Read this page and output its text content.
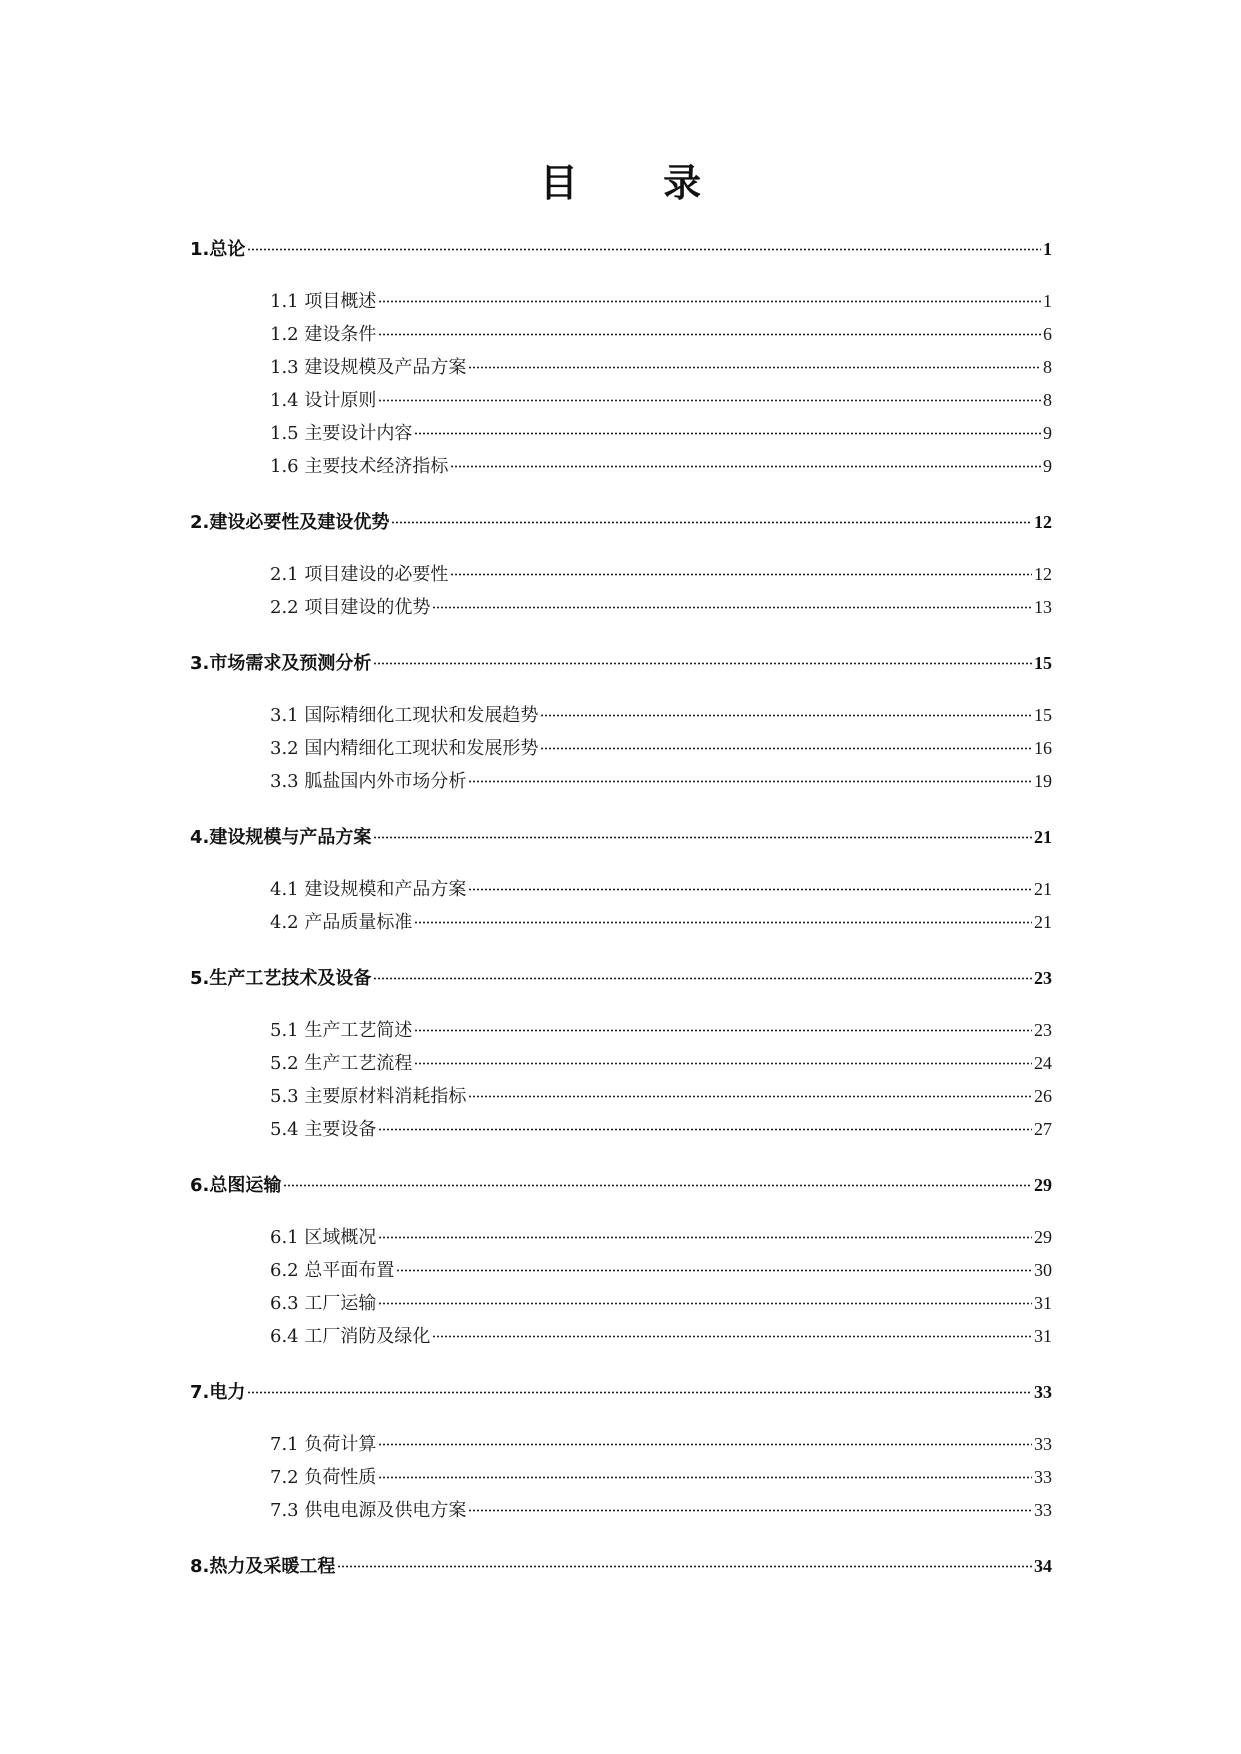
目 录
1.总论	1
1.1 项目概述	1
1.2 建设条件	6
1.3 建设规模及产品方案	8
1.4 设计原则	8
1.5 主要设计内容	9
1.6 主要技术经济指标	9
2.建设必要性及建设优势	12
2.1 项目建设的必要性	12
2.2 项目建设的优势	13
3.市场需求及预测分析	15
3.1 国际精细化工现状和发展趋势	15
3.2 国内精细化工现状和发展形势	16
3.3 胍盐国内外市场分析	19
4.建设规模与产品方案	21
4.1 建设规模和产品方案	21
4.2 产品质量标准	21
5.生产工艺技术及设备	23
5.1 生产工艺简述	23
5.2 生产工艺流程	24
5.3 主要原材料消耗指标	26
5.4 主要设备	27
6.总图运输	29
6.1 区域概况	29
6.2 总平面布置	30
6.3 工厂运输	31
6.4 工厂消防及绿化	31
7.电力	33
7.1 负荷计算	33
7.2 负荷性质	33
7.3 供电电源及供电方案	33
8.热力及采暖工程	34
